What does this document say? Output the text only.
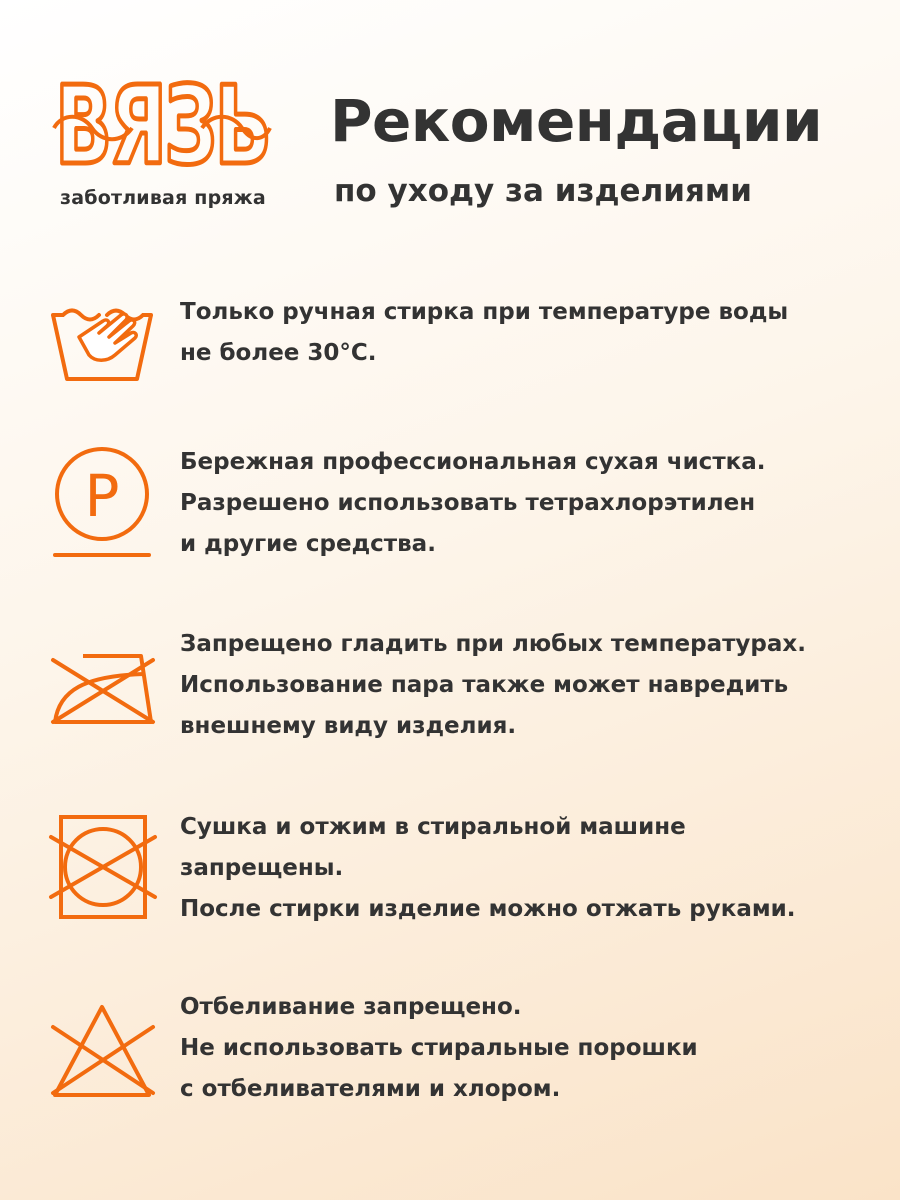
ВЯЗЬ
заботливая пряжа
Рекомендации
по уходу за изделиями
Только ручная стирка при температуре воды
не более 30°C.
P	Бережная профессиональная сухая чистка.
Разрешено использовать тетрахлорэтилен
и другие средства.
Запрещено гладить при любых температурах.
Использование пара также может навредить
внешнему виду изделия.
Сушка и отжим в стиральной машине
запрещены.
После стирки изделие можно отжать руками.
Отбеливание запрещено.
Не использовать стиральные порошки
с отбеливателями и хлором.
